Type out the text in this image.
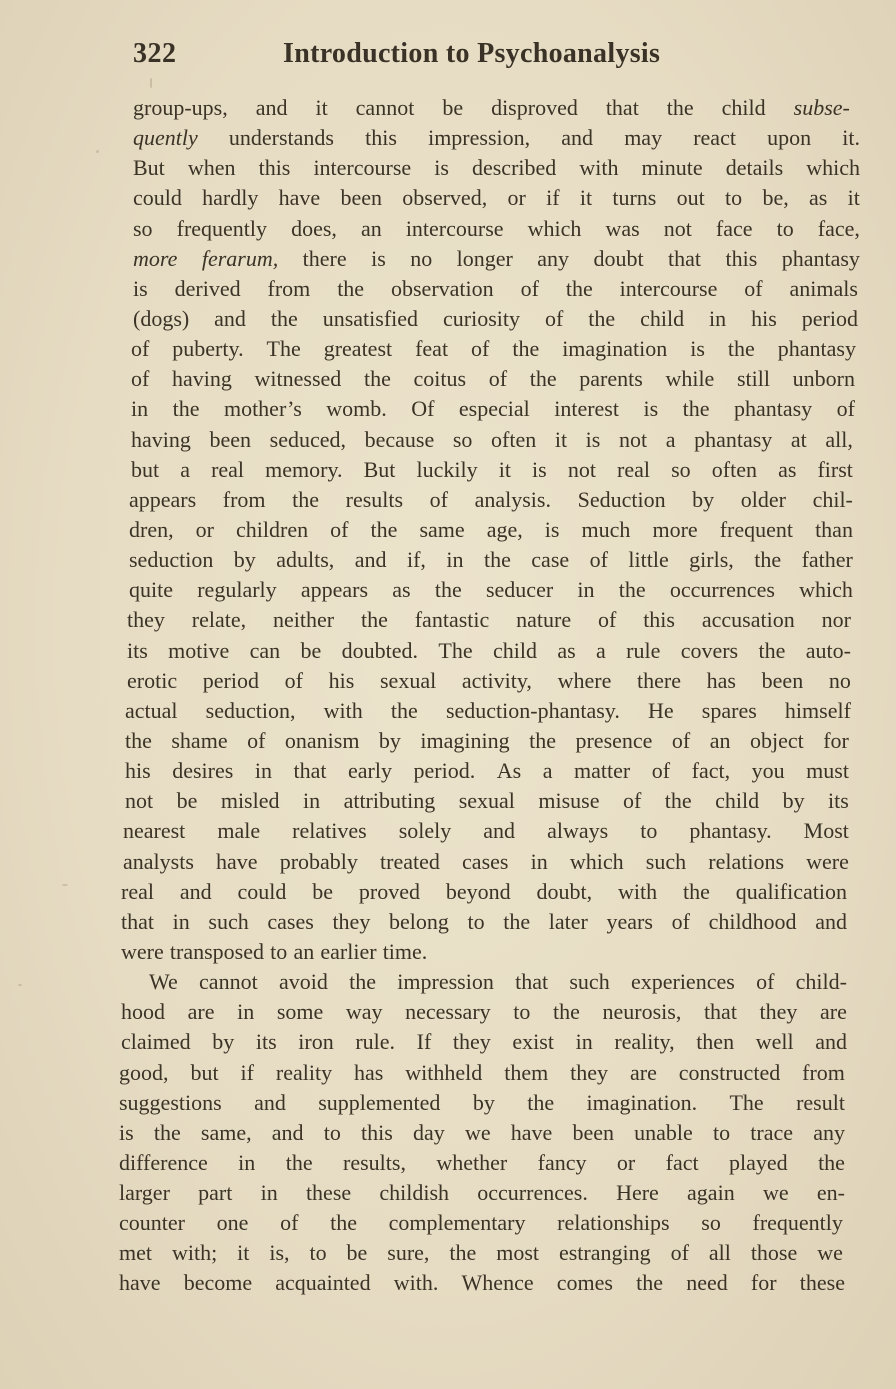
322	Introduction to Psychoanalysis
group-ups, and it cannot be disproved that the child subse-
quently understands this impression, and may react upon it.
But when this intercourse is described with minute details which
could hardly have been observed, or if it turns out to be, as it
so frequently does, an intercourse which was not face to face,
more ferarum, there is no longer any doubt that this phantasy
is derived from the observation of the intercourse of animals
(dogs) and the unsatisfied curiosity of the child in his period
of puberty. The greatest feat of the imagination is the phantasy
of having witnessed the coitus of the parents while still unborn
in the mother’s womb. Of especial interest is the phantasy of
having been seduced, because so often it is not a phantasy at all,
but a real memory. But luckily it is not real so often as first
appears from the results of analysis. Seduction by older chil-
dren, or children of the same age, is much more frequent than
seduction by adults, and if, in the case of little girls, the father
quite regularly appears as the seducer in the occurrences which
they relate, neither the fantastic nature of this accusation nor
its motive can be doubted. The child as a rule covers the auto-
erotic period of his sexual activity, where there has been no
actual seduction, with the seduction-phantasy. He spares himself
the shame of onanism by imagining the presence of an object for
his desires in that early period. As a matter of fact, you must
not be misled in attributing sexual misuse of the child by its
nearest male relatives solely and always to phantasy. Most
analysts have probably treated cases in which such relations were
real and could be proved beyond doubt, with the qualification
that in such cases they belong to the later years of childhood and
were transposed to an earlier time.
We cannot avoid the impression that such experiences of child-
hood are in some way necessary to the neurosis, that they are
claimed by its iron rule. If they exist in reality, then well and
good, but if reality has withheld them they are constructed from
suggestions and supplemented by the imagination. The result
is the same, and to this day we have been unable to trace any
difference in the results, whether fancy or fact played the
larger part in these childish occurrences. Here again we en-
counter one of the complementary relationships so frequently
met with; it is, to be sure, the most estranging of all those we
have become acquainted with. Whence comes the need for these
